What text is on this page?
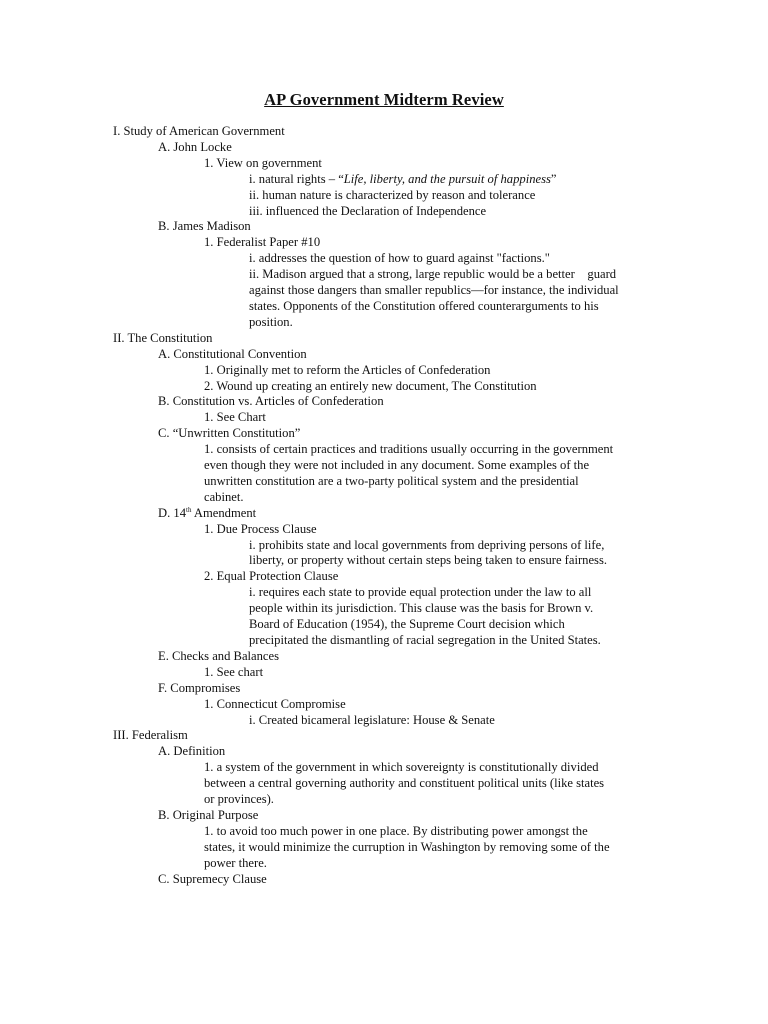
AP Government Midterm Review
I. Study of American Government
A. John Locke
1. View on government
i. natural rights – “Life, liberty, and the pursuit of happiness”
ii. human nature is characterized by reason and tolerance
iii. influenced the Declaration of Independence
B. James Madison
1. Federalist Paper #10
i. addresses the question of how to guard against "factions."
ii. Madison argued that a strong, large republic would be a better    guard
against those dangers than smaller republics—for instance, the individual
states. Opponents of the Constitution offered counterarguments to his
position.
II. The Constitution
A. Constitutional Convention
1. Originally met to reform the Articles of Confederation
2. Wound up creating an entirely new document, The Constitution
B. Constitution vs. Articles of Confederation
1. See Chart
C. “Unwritten Constitution”
1. consists of certain practices and traditions usually occurring in the government
even though they were not included in any document. Some examples of the
unwritten constitution are a two-party political system and the presidential
cabinet.
D. 14th Amendment
1. Due Process Clause
i. prohibits state and local governments from depriving persons of life,
liberty, or property without certain steps being taken to ensure fairness.
2. Equal Protection Clause
i. requires each state to provide equal protection under the law to all
people within its jurisdiction. This clause was the basis for Brown v.
Board of Education (1954), the Supreme Court decision which
precipitated the dismantling of racial segregation in the United States.
E. Checks and Balances
1. See chart
F. Compromises
1. Connecticut Compromise
i. Created bicameral legislature: House & Senate
III. Federalism
A. Definition
1. a system of the government in which sovereignty is constitutionally divided
between a central governing authority and constituent political units (like states
or provinces).
B. Original Purpose
1. to avoid too much power in one place. By distributing power amongst the
states, it would minimize the curruption in Washington by removing some of the
power there.
C. Supremecy Clause
